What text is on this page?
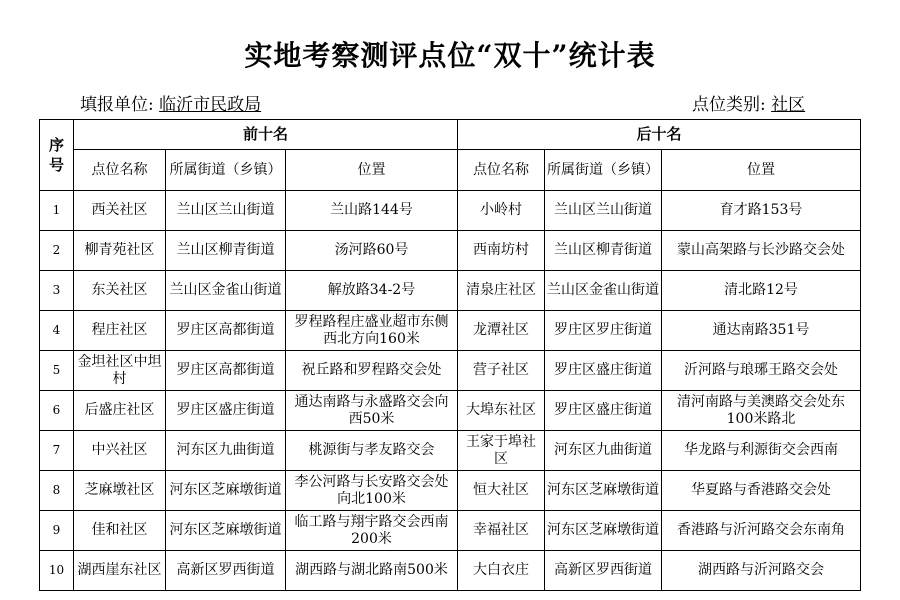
实地考察测评点位“双十”统计表
填报单位: 临沂市民政局	点位类别: 社区
序号	前十名			后十名		
	点位名称	所属街道（乡镇）	位置	点位名称	所属街道（乡镇）	位置
1	西关社区	兰山区兰山街道	兰山路144号	小岭村	兰山区兰山街道	育才路153号
2	柳青苑社区	兰山区柳青街道	汤河路60号	西南坊村	兰山区柳青街道	蒙山高架路与长沙路交会处
3	东关社区	兰山区金雀山街道	解放路34-2号	清泉庄社区	兰山区金雀山街道	清北路12号
4	程庄社区	罗庄区高都街道	罗程路程庄盛业超市东侧西北方向160米	龙潭社区	罗庄区罗庄街道	通达南路351号
5	金坦社区中坦村	罗庄区高都街道	祝丘路和罗程路交会处	营子社区	罗庄区盛庄街道	沂河路与琅琊王路交会处
6	后盛庄社区	罗庄区盛庄街道	通达南路与永盛路交会向西50米	大埠东社区	罗庄区盛庄街道	清河南路与美澳路交会处东100米路北
7	中兴社区	河东区九曲街道	桃源街与孝友路交会	王家于埠社区	河东区九曲街道	华龙路与利源街交会西南
8	芝麻墩社区	河东区芝麻墩街道	李公河路与长安路交会处向北100米	恒大社区	河东区芝麻墩街道	华夏路与香港路交会处
9	佳和社区	河东区芝麻墩街道	临工路与翔宇路交会西南200米	幸福社区	河东区芝麻墩街道	香港路与沂河路交会东南角
10	湖西崖东社区	高新区罗西街道	湖西路与湖北路南500米	大白衣庄	高新区罗西街道	湖西路与沂河路交会
